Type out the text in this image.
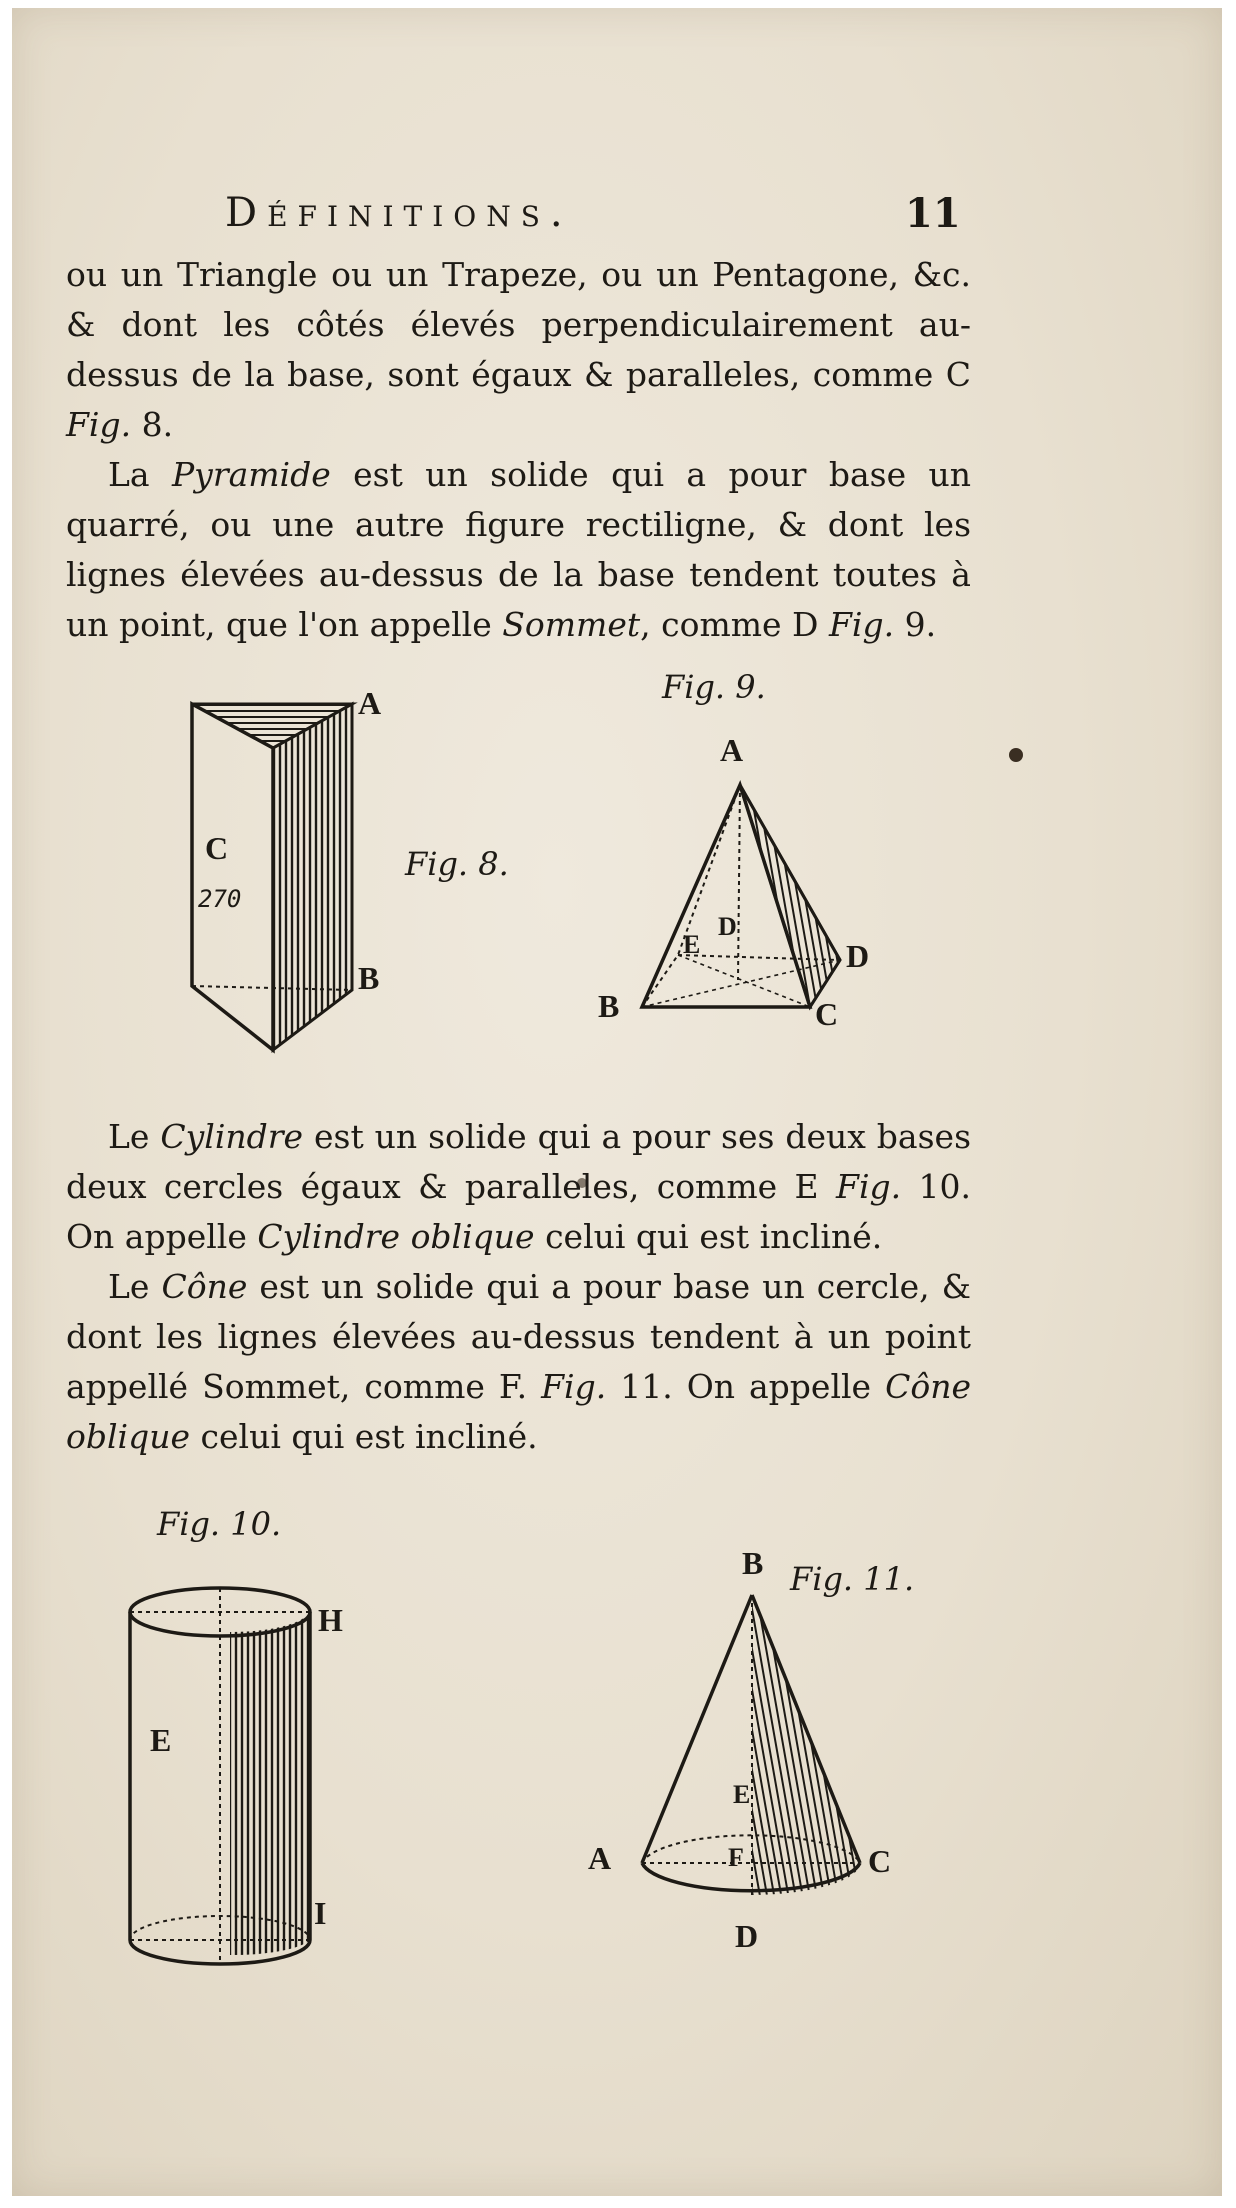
Définitions.	11

ou un Triangle ou un Trapeze, ou un Pentagone, &c. & dont les côtés élevés perpendiculairement au-dessus de la base, sont égaux & paralleles, comme C Fig. 8.

La Pyramide est un solide qui a pour base un quarré, ou une autre figure rectiligne, & dont les lignes élevées au-dessus de la base tendent toutes à un point, que l'on appelle Sommet, comme D Fig. 9.

A
C
270
B
Fig. 8.
Fig. 9.
A
E
D
D
B	C

Le Cylindre est un solide qui a pour ses deux bases deux cercles égaux & paralleles, comme E Fig. 10. On appelle Cylindre oblique celui qui est incliné.

Le Cône est un solide qui a pour base un cercle, & dont les lignes élevées au-dessus tendent à un point appellé Sommet, comme F. Fig. 11. On appelle Cône oblique celui qui est incliné.

Fig. 10.
H
E
I
B Fig. 11.
E
F
A	C
D
